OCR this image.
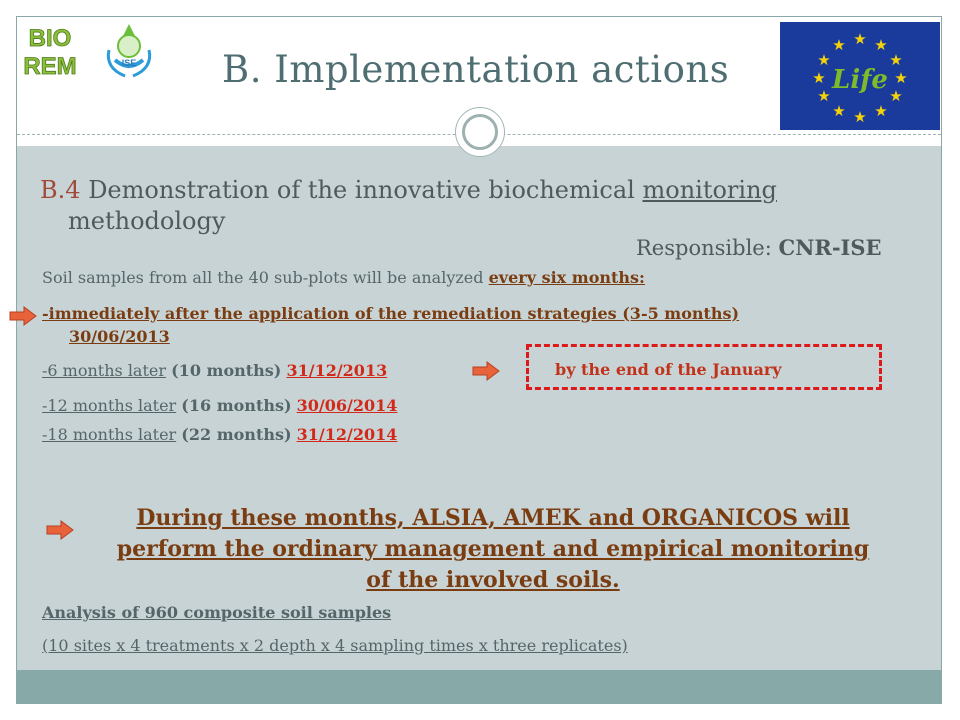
BIO
REM	ISE
★ ★
★
★
★
★
★
★
★
★
★
★
Life
B. Implementation actions
B.4 Demonstration of the innovative biochemical monitoring
methodology
Responsible: CNR-ISE
Soil samples from all the 40 sub-plots will be analyzed every six months:
-immediately after the application of the remediation strategies (3-5 months)
30/06/2013
-6 months later (10 months) 31/12/2013	by the end of the January
-12 months later (16 months) 30/06/2014
-18 months later (22 months) 31/12/2014
During these months, ALSIA, AMEK and ORGANICOS will
perform the ordinary management and empirical monitoring
of the involved soils.
Analysis of 960 composite soil samples
(10 sites x 4 treatments x 2 depth x 4 sampling times x three replicates)
